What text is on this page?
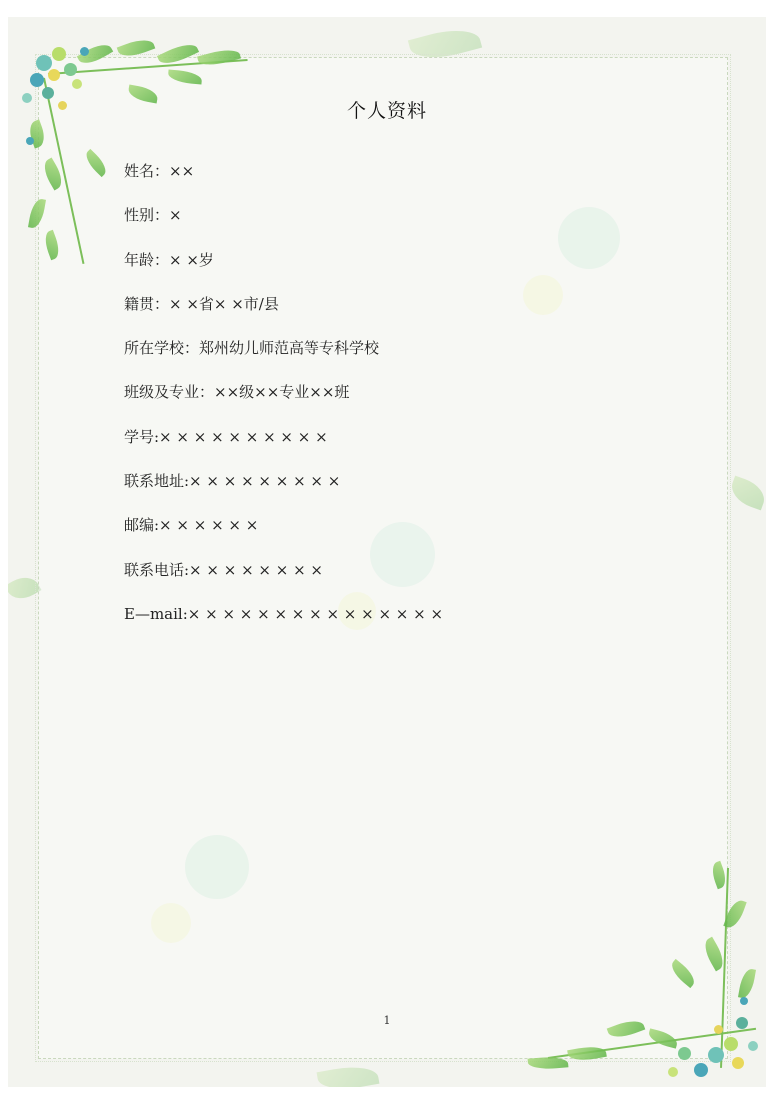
个人资料
姓名：××
性别：×
年龄：× ×岁
籍贯：× ×省× ×市/县
所在学校：郑州幼儿师范高等专科学校
班级及专业：××级××专业××班
学号:× × × × × × × × × ×
联系地址:× × × × × × × × ×
邮编:× × × × × ×
联系电话:× × × × × × × ×
E—mail:× × × × × × × × × × × × × × ×
1
